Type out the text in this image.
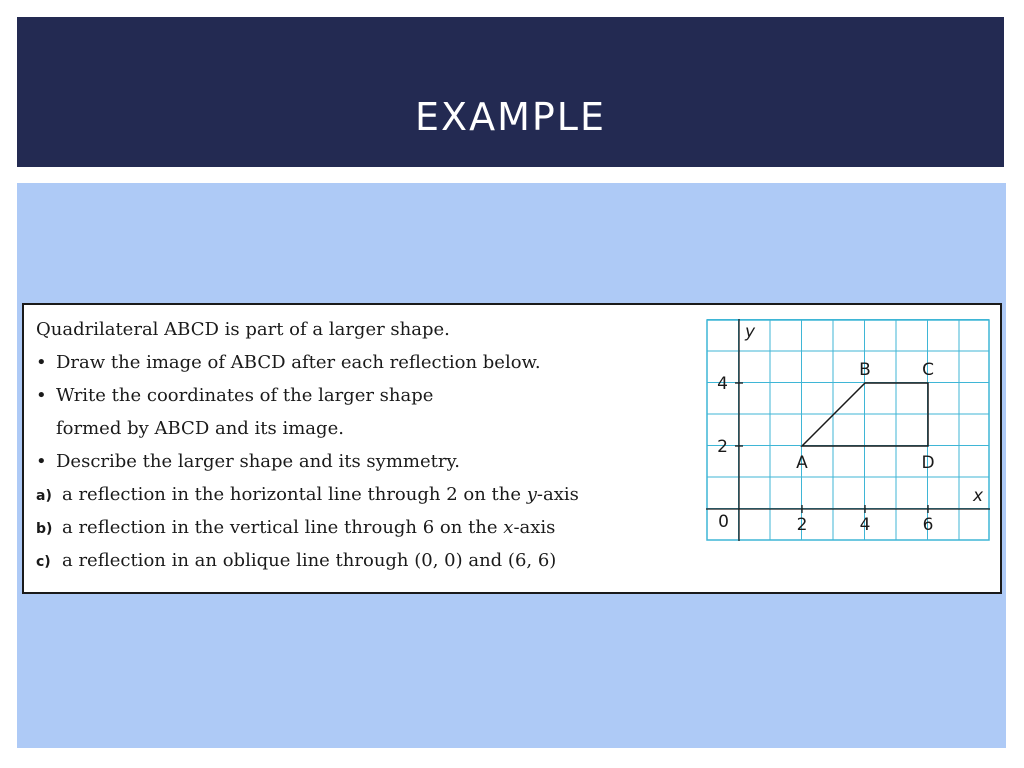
EXAMPLE
Quadrilateral ABCD is part of a larger shape.
• Draw the image of ABCD after each reflection below.
• Write the coordinates of the larger shape
formed by ABCD and its image.
• Describe the larger shape and its symmetry.
a) a reflection in the horizontal line through 2 on the y-axis
b) a reflection in the vertical line through 6 on the x-axis
c) a reflection in an oblique line through (0, 0) and (6, 6)
2	4	6
2
4
0
x
y
A
B	C
D
